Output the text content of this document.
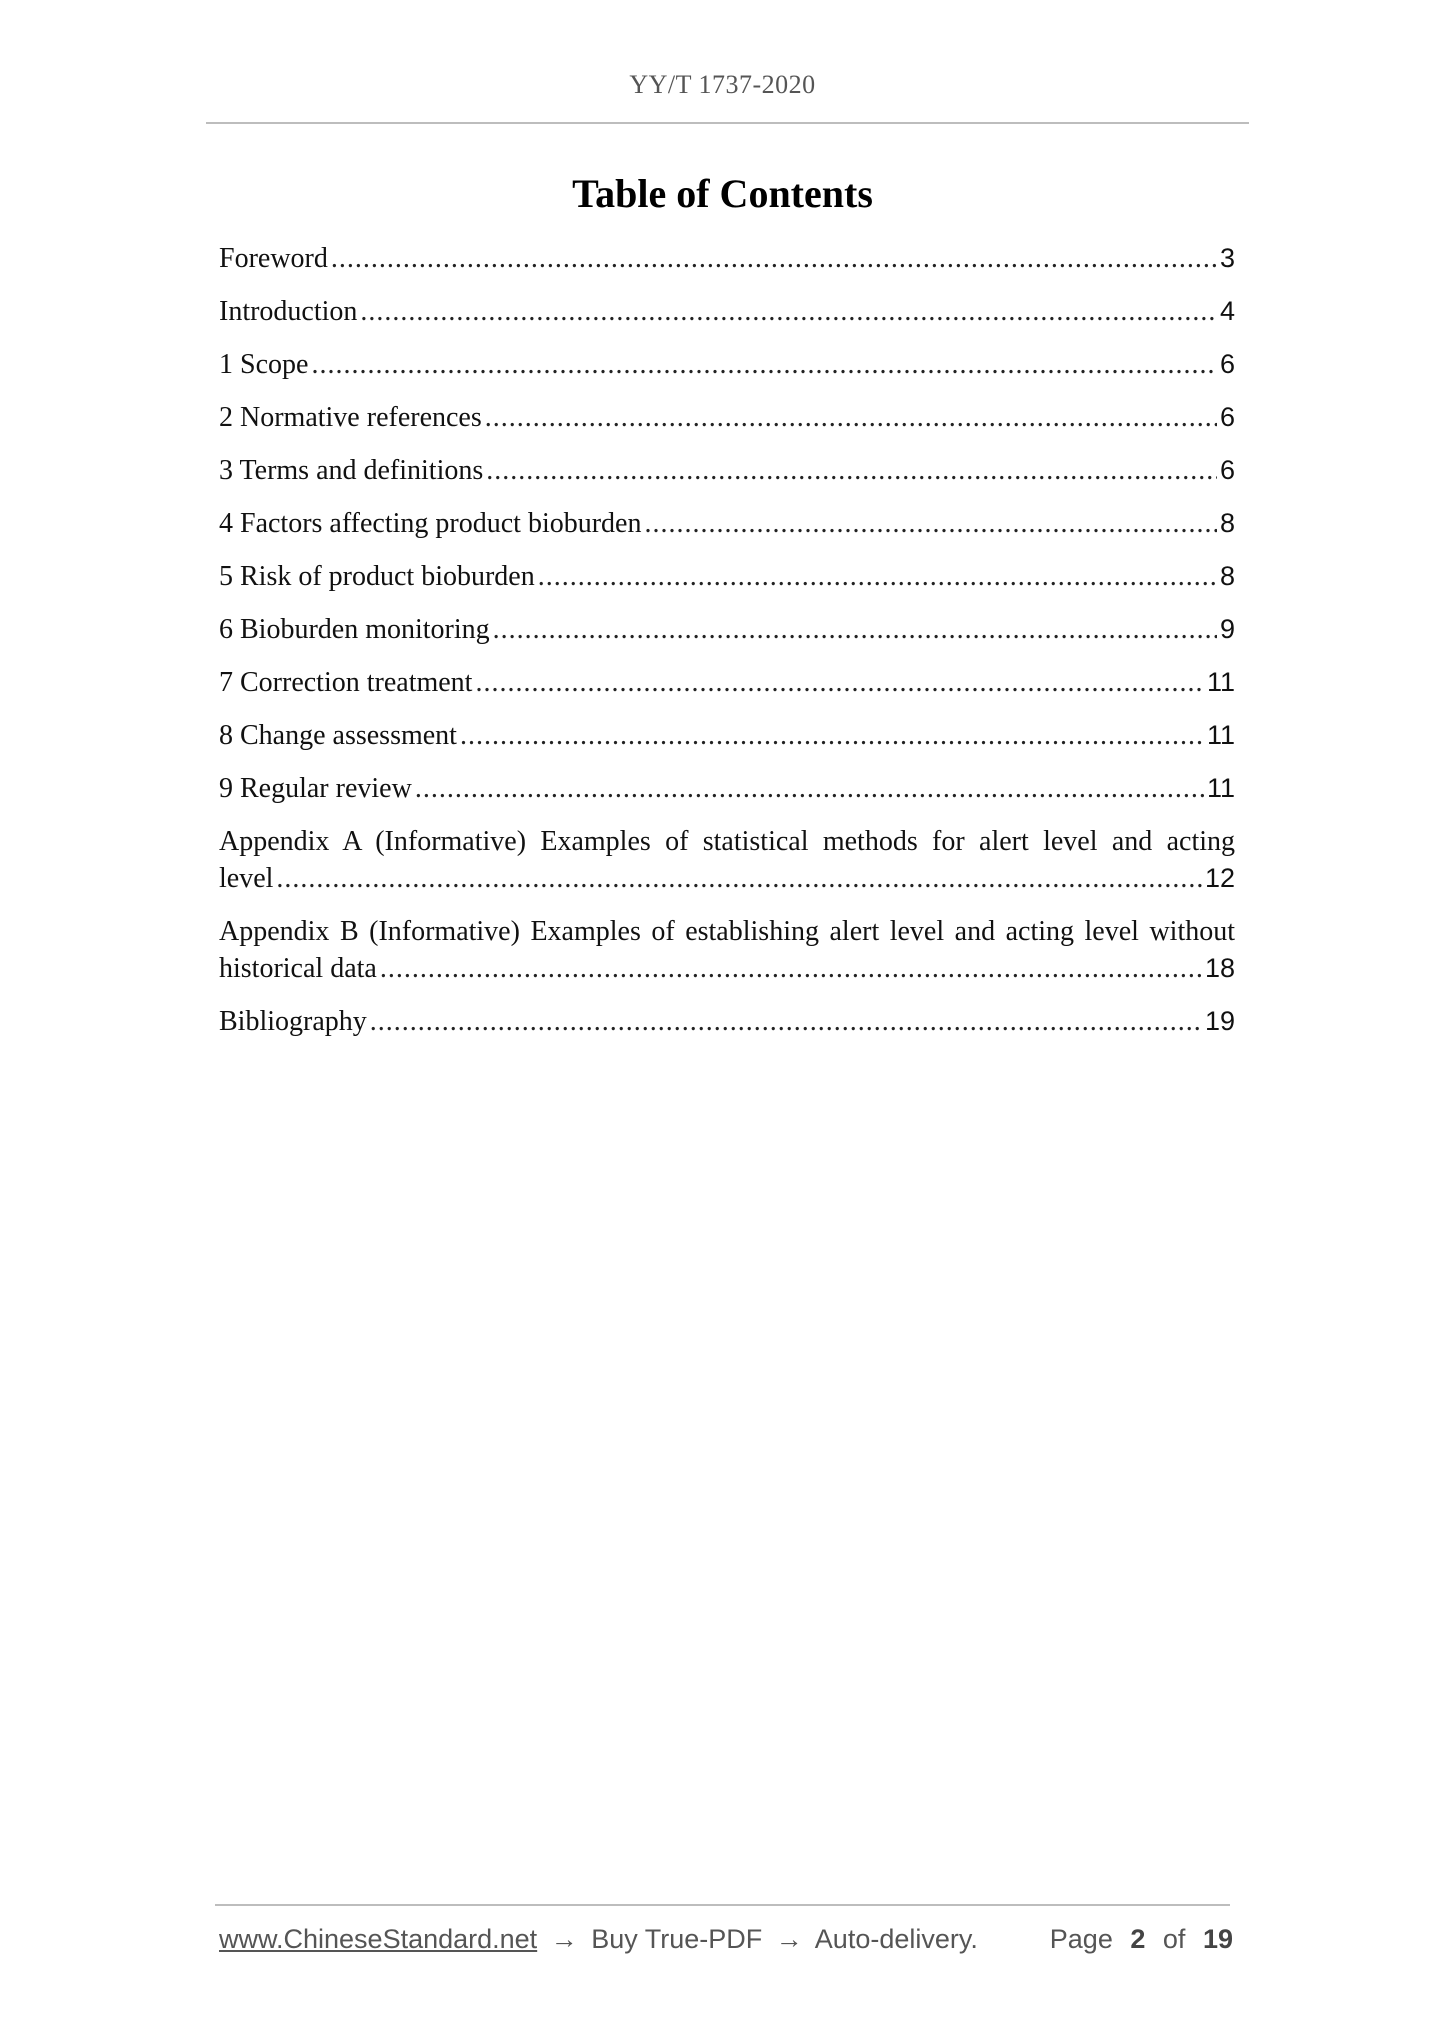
YY/T 1737-2020
Table of Contents
Foreword .....	3
Introduction .....	4
1 Scope .....	6
2 Normative references .....	6
3 Terms and definitions .....	6
4 Factors affecting product bioburden .....	8
5 Risk of product bioburden .....	8
6 Bioburden monitoring .....	9
7 Correction treatment .....	11
8 Change assessment .....	11
9 Regular review .....	11
Appendix A (Informative) Examples of statistical methods for alert level and acting
level .....	12
Appendix B (Informative) Examples of establishing alert level and acting level without
historical data .....	18
Bibliography .....	19
www.ChineseStandard.net → Buy True-PDF → Auto-delivery.	Page 2 of 19
